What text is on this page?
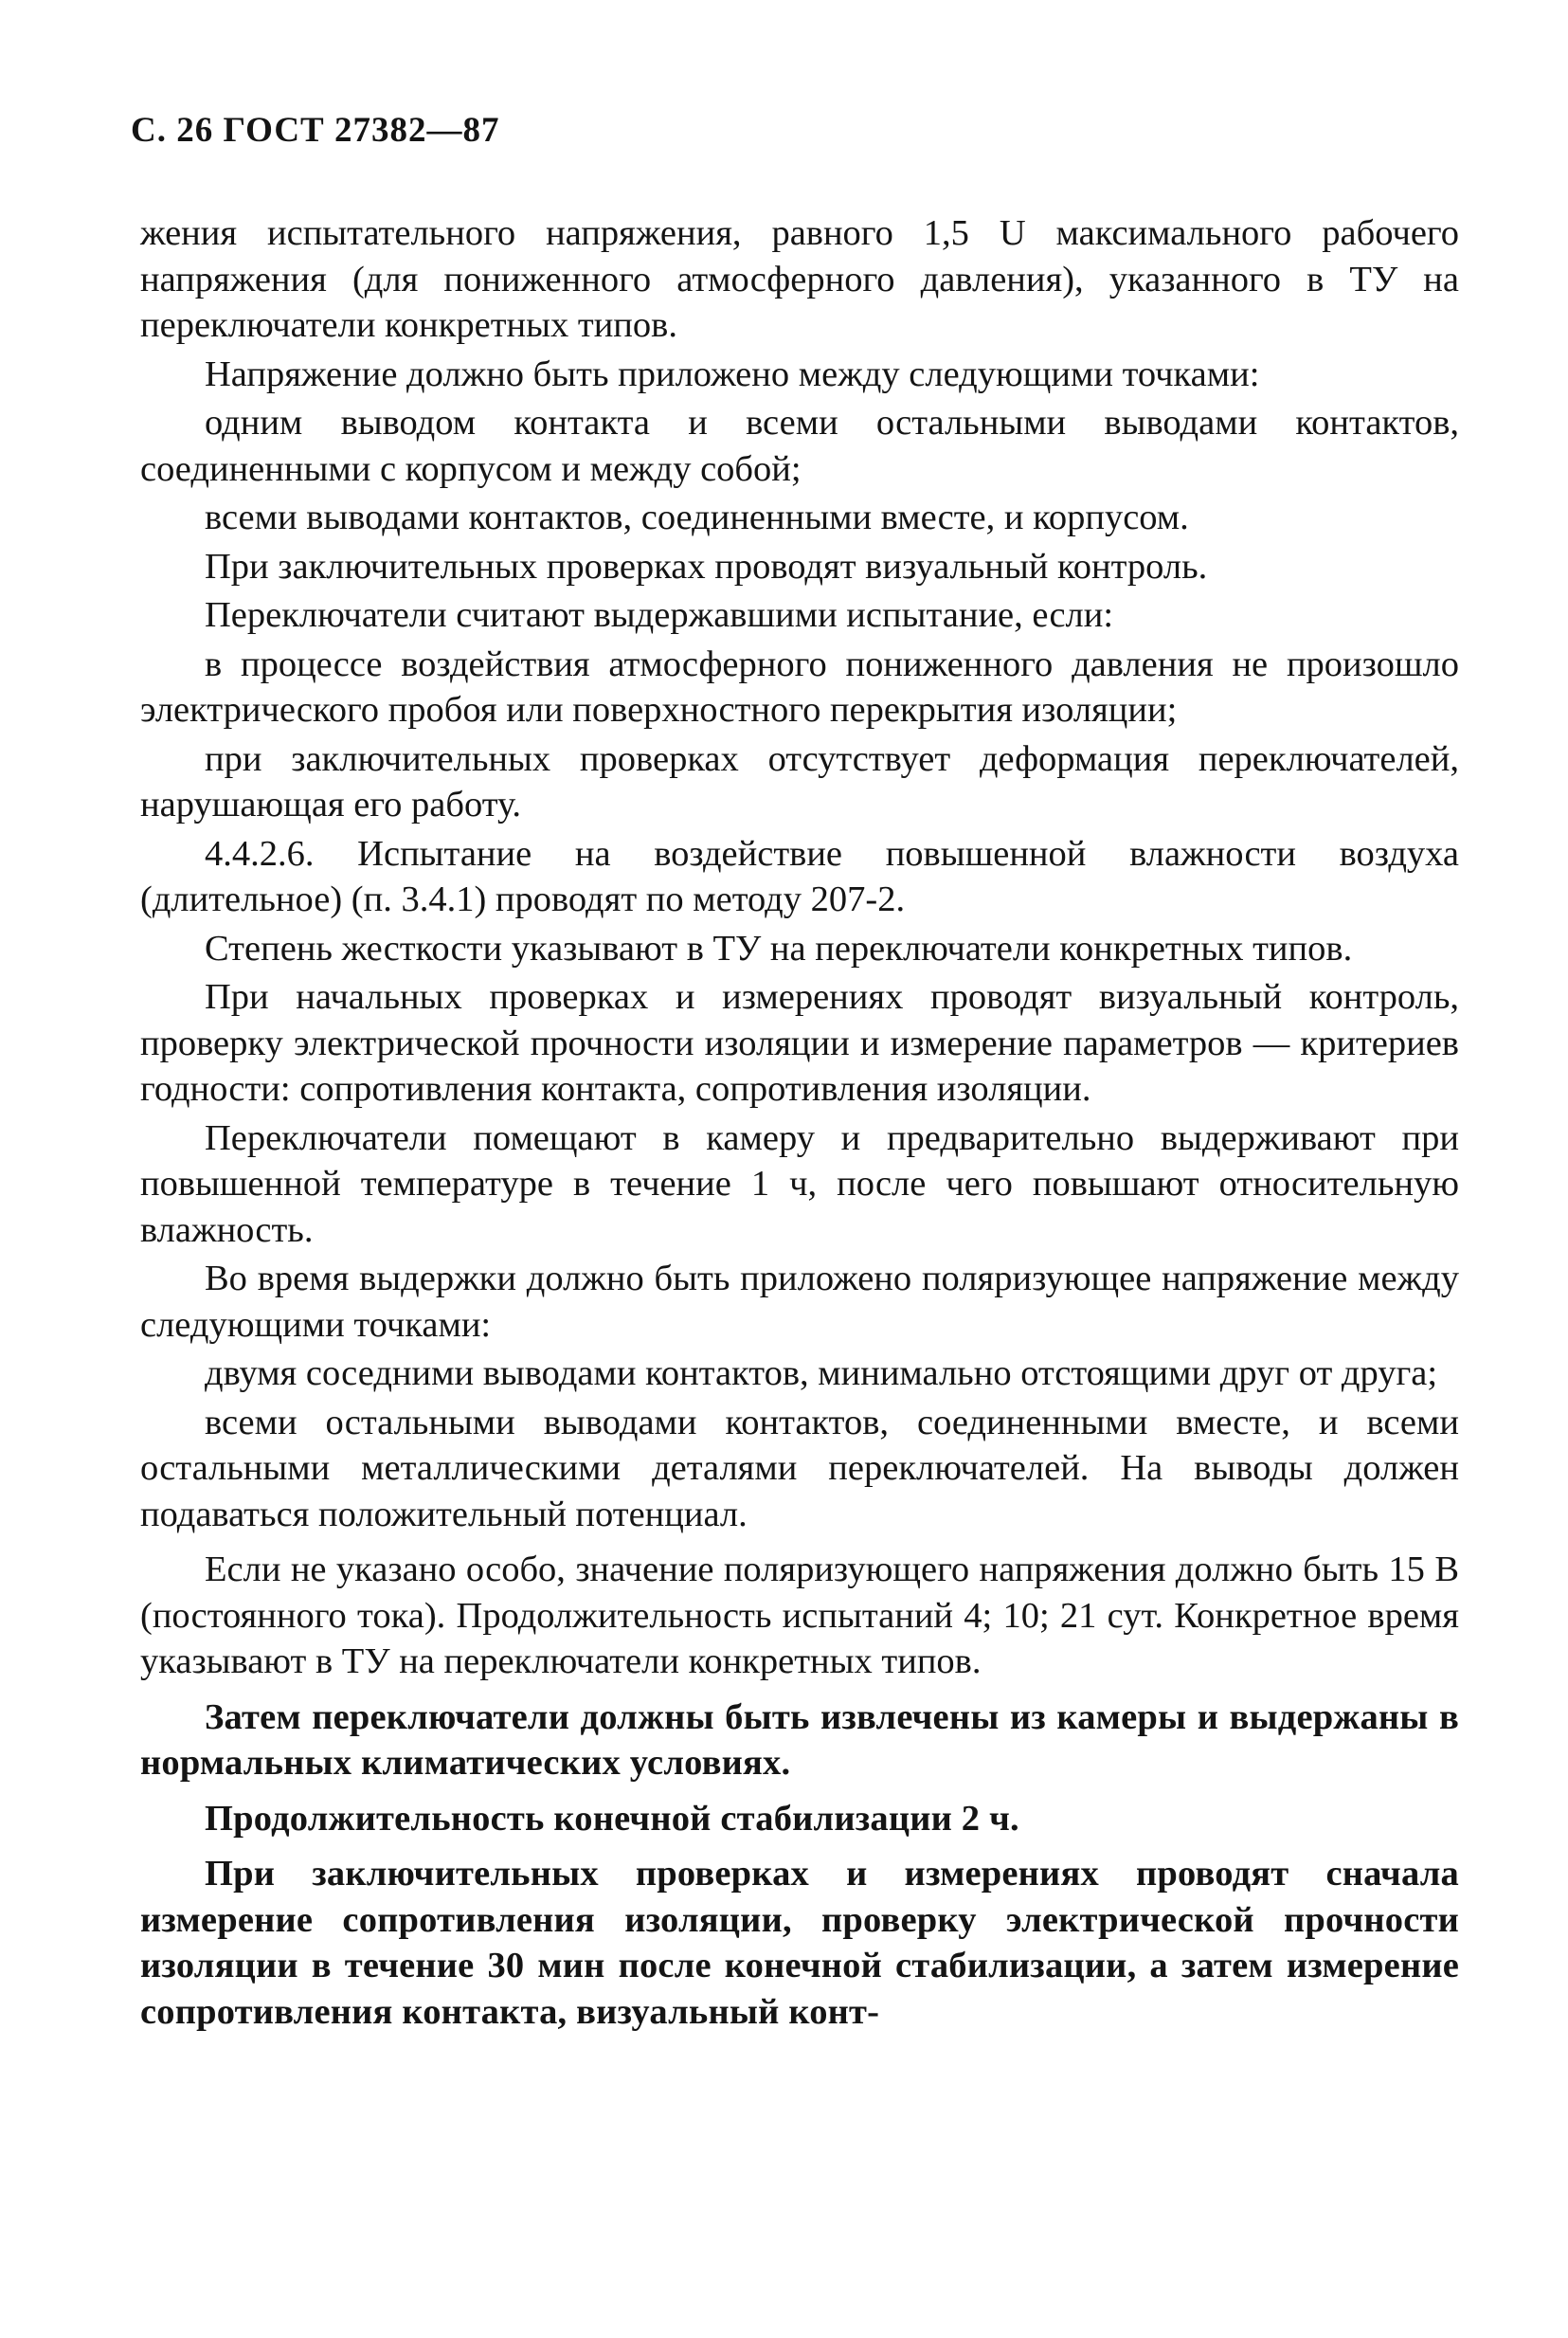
С. 26 ГОСТ 27382—87

жения испытательного напряжения, равного 1,5 U максимального рабочего напряжения (для пониженного атмосферного давления), указанного в ТУ на переключатели конкретных типов.

Напряжение должно быть приложено между следующими точками:

одним выводом контакта и всеми остальными выводами контактов, соединенными с корпусом и между собой;

всеми выводами контактов, соединенными вместе, и корпусом.

При заключительных проверках проводят визуальный контроль.

Переключатели считают выдержавшими испытание, если:

в процессе воздействия атмосферного пониженного давления не произошло электрического пробоя или поверхностного перекрытия изоляции;

при заключительных проверках отсутствует деформация переключателей, нарушающая его работу.

4.4.2.6. Испытание на воздействие повышенной влажности воздуха (длительное) (п. 3.4.1) проводят по методу 207-2.

Степень жесткости указывают в ТУ на переключатели конкретных типов.

При начальных проверках и измерениях проводят визуальный контроль, проверку электрической прочности изоляции и измерение параметров — критериев годности: сопротивления контакта, сопротивления изоляции.

Переключатели помещают в камеру и предварительно выдерживают при повышенной температуре в течение 1 ч, после чего повышают относительную влажность.

Во время выдержки должно быть приложено поляризующее напряжение между следующими точками:

двумя соседними выводами контактов, минимально отстоящими друг от друга;

всеми остальными выводами контактов, соединенными вместе, и всеми остальными металлическими деталями переключателей. На выводы должен подаваться положительный потенциал.

Если не указано особо, значение поляризующего напряжения должно быть 15 В (постоянного тока). Продолжительность испытаний 4; 10; 21 сут. Конкретное время указывают в ТУ на переключатели конкретных типов.

Затем переключатели должны быть извлечены из камеры и выдержаны в нормальных климатических условиях.

Продолжительность конечной стабилизации 2 ч.

При заключительных проверках и измерениях проводят сначала измерение сопротивления изоляции, проверку электрической прочности изоляции в течение 30 мин после конечной стабилизации, а затем измерение сопротивления контакта, визуальный конт-
